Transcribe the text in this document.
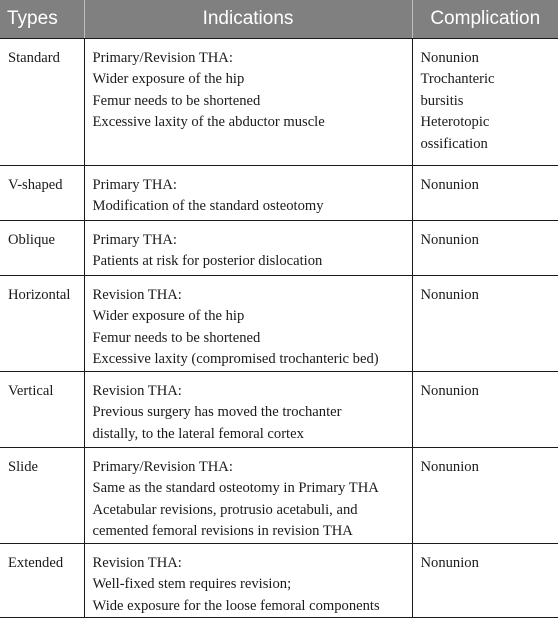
Types	Indications	Complication
Standard	Primary/Revision THA:
Wider exposure of the hip
Femur needs to be shortened
Excessive laxity of the abductor muscle	Nonunion
Trochanteric
bursitis
Heterotopic
ossification

V-shaped	Primary THA:
Modification of the standard osteotomy	Nonunion

Oblique	Primary THA:
Patients at risk for posterior dislocation	Nonunion

Horizontal	Revision THA:
Wider exposure of the hip
Femur needs to be shortened
Excessive laxity (compromised trochanteric bed)	Nonunion

Vertical	Revision THA:
Previous surgery has moved the trochanter
distally, to the lateral femoral cortex	Nonunion

Slide	Primary/Revision THA:
Same as the standard osteotomy in Primary THA
Acetabular revisions, protrusio acetabuli, and
cemented femoral revisions in revision THA	Nonunion

Extended	Revision THA:
Well-fixed stem requires revision;
Wide exposure for the loose femoral components	Nonunion
